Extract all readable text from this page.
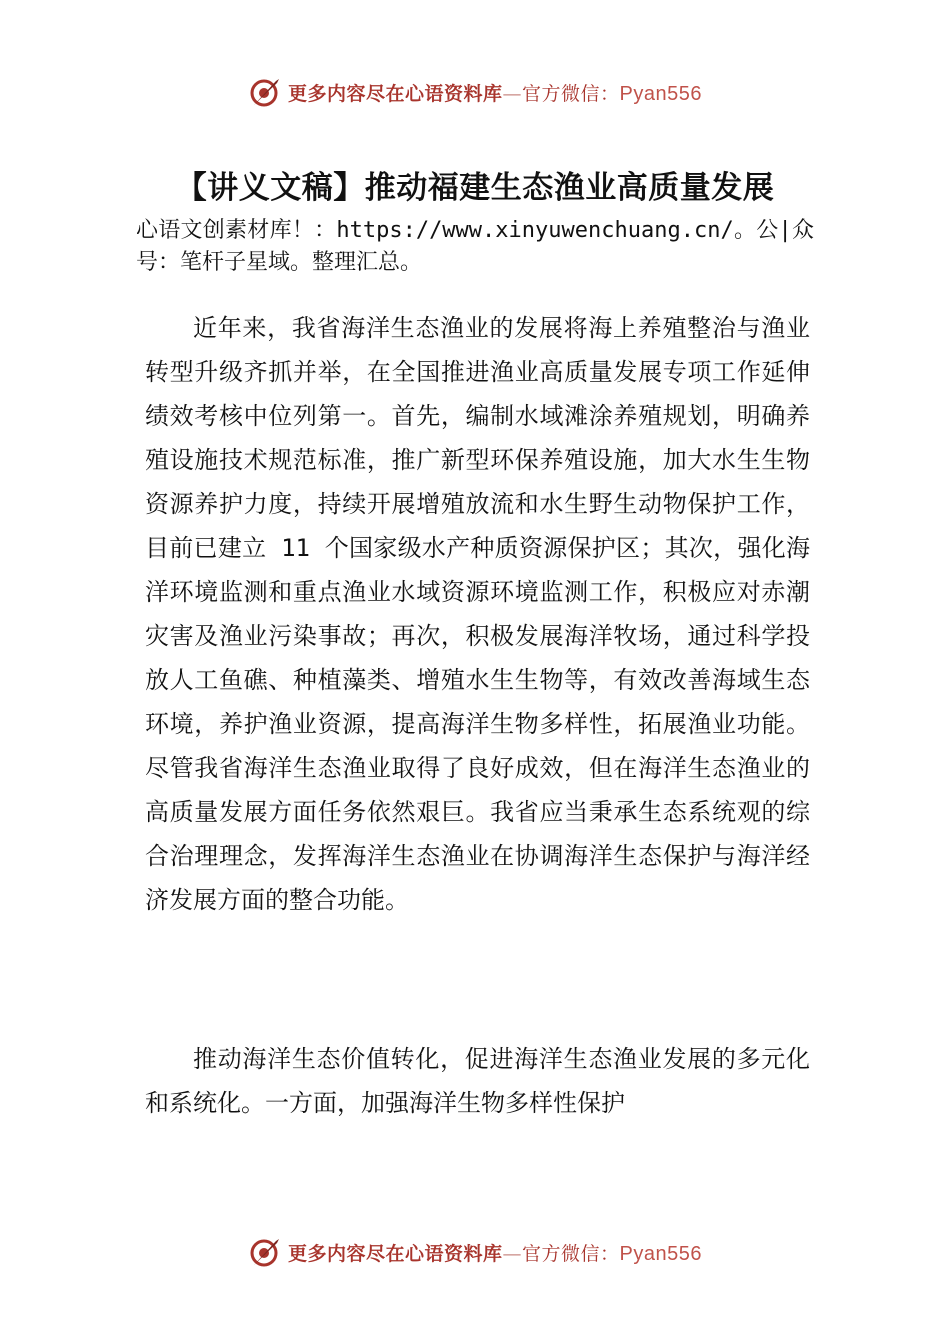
更多内容尽在心语资料库—官方微信：Pyan556
【讲义文稿】推动福建生态渔业高质量发展
心语文创素材库！：https://www.xinyuwenchuang.cn/。公|众号：笔杆子星域。整理汇总。

近年来，我省海洋生态渔业的发展将海上养殖整治与渔业转型升级齐抓并举，在全国推进渔业高质量发展专项工作延伸绩效考核中位列第一。首先，编制水域滩涂养殖规划，明确养殖设施技术规范标准，推广新型环保养殖设施，加大水生生物资源养护力度，持续开展增殖放流和水生野生动物保护工作，目前已建立 11 个国家级水产种质资源保护区；其次，强化海洋环境监测和重点渔业水域资源环境监测工作，积极应对赤潮灾害及渔业污染事故；再次，积极发展海洋牧场，通过科学投放人工鱼礁、种植藻类、增殖水生生物等，有效改善海域生态环境，养护渔业资源，提高海洋生物多样性，拓展渔业功能。尽管我省海洋生态渔业取得了良好成效，但在海洋生态渔业的高质量发展方面任务依然艰巨。我省应当秉承生态系统观的综合治理理念，发挥海洋生态渔业在协调海洋生态保护与海洋经济发展方面的整合功能。

推动海洋生态价值转化，促进海洋生态渔业发展的多元化和系统化。一方面，加强海洋生物多样性保护

更多内容尽在心语资料库—官方微信：Pyan556
